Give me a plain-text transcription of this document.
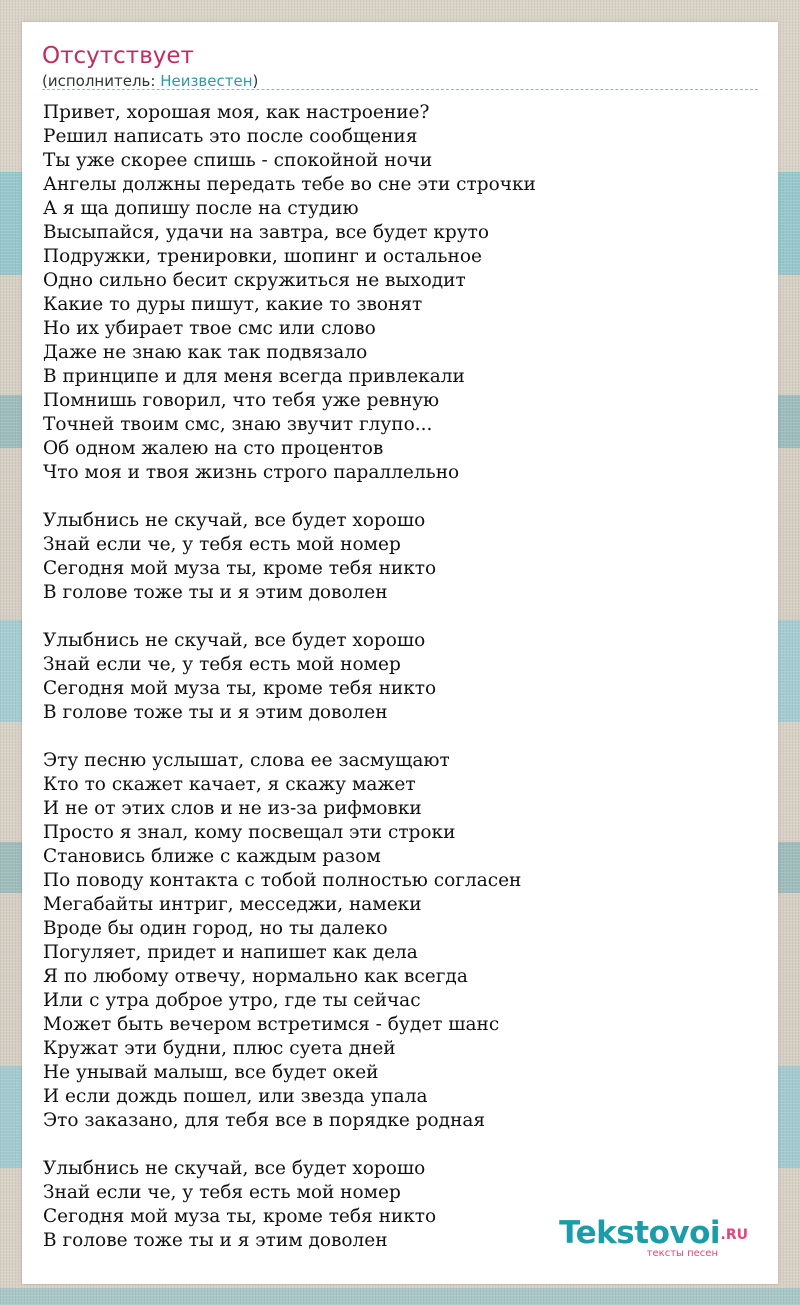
Отсутствует
(исполнитель: Неизвестен)
Привет, хорошая моя, как настроение?
Решил написать это после сообщения
Ты уже скорее спишь - спокойной ночи
Ангелы должны передать тебе во сне эти строчки
А я ща допишу после на студию
Высыпайся, удачи на завтра, все будет круто
Подружки, тренировки, шопинг и остальное
Одно сильно бесит скружиться не выходит
Какие то дуры пишут, какие то звонят
Но их убирает твое смс или слово
Даже не знаю как так подвязало
В принципе и для меня всегда привлекали
Помнишь говорил, что тебя уже ревную
Точней твоим смс, знаю звучит глупо...
Об одном жалею на сто процентов
Что моя и твоя жизнь строго параллельно
Улыбнись не скучай, все будет хорошо
Знай если че, у тебя есть мой номер
Сегодня мой муза ты, кроме тебя никто
В голове тоже ты и я этим доволен
Улыбнись не скучай, все будет хорошо
Знай если че, у тебя есть мой номер
Сегодня мой муза ты, кроме тебя никто
В голове тоже ты и я этим доволен
Эту песню услышат, слова ее засмущают
Кто то скажет качает, я скажу мажет
И не от этих слов и не из-за рифмовки
Просто я знал, кому посвещал эти строки
Становись ближе с каждым разом
По поводу контакта с тобой полностью согласен
Мегабайты интриг, месседжи, намеки
Вроде бы один город, но ты далеко
Погуляет, придет и напишет как дела
Я по любому отвечу, нормально как всегда
Или с утра доброе утро, где ты сейчас
Может быть вечером встретимся - будет шанс
Кружат эти будни, плюс суета дней
Не унывай малыш, все будет окей
И если дождь пошел, или звезда упала
Это заказано, для тебя все в порядке родная
Улыбнись не скучай, все будет хорошо
Знай если че, у тебя есть мой номер
Сегодня мой муза ты, кроме тебя никто
В голове тоже ты и я этим доволен	Tekstovoi .RU
тексты песен
